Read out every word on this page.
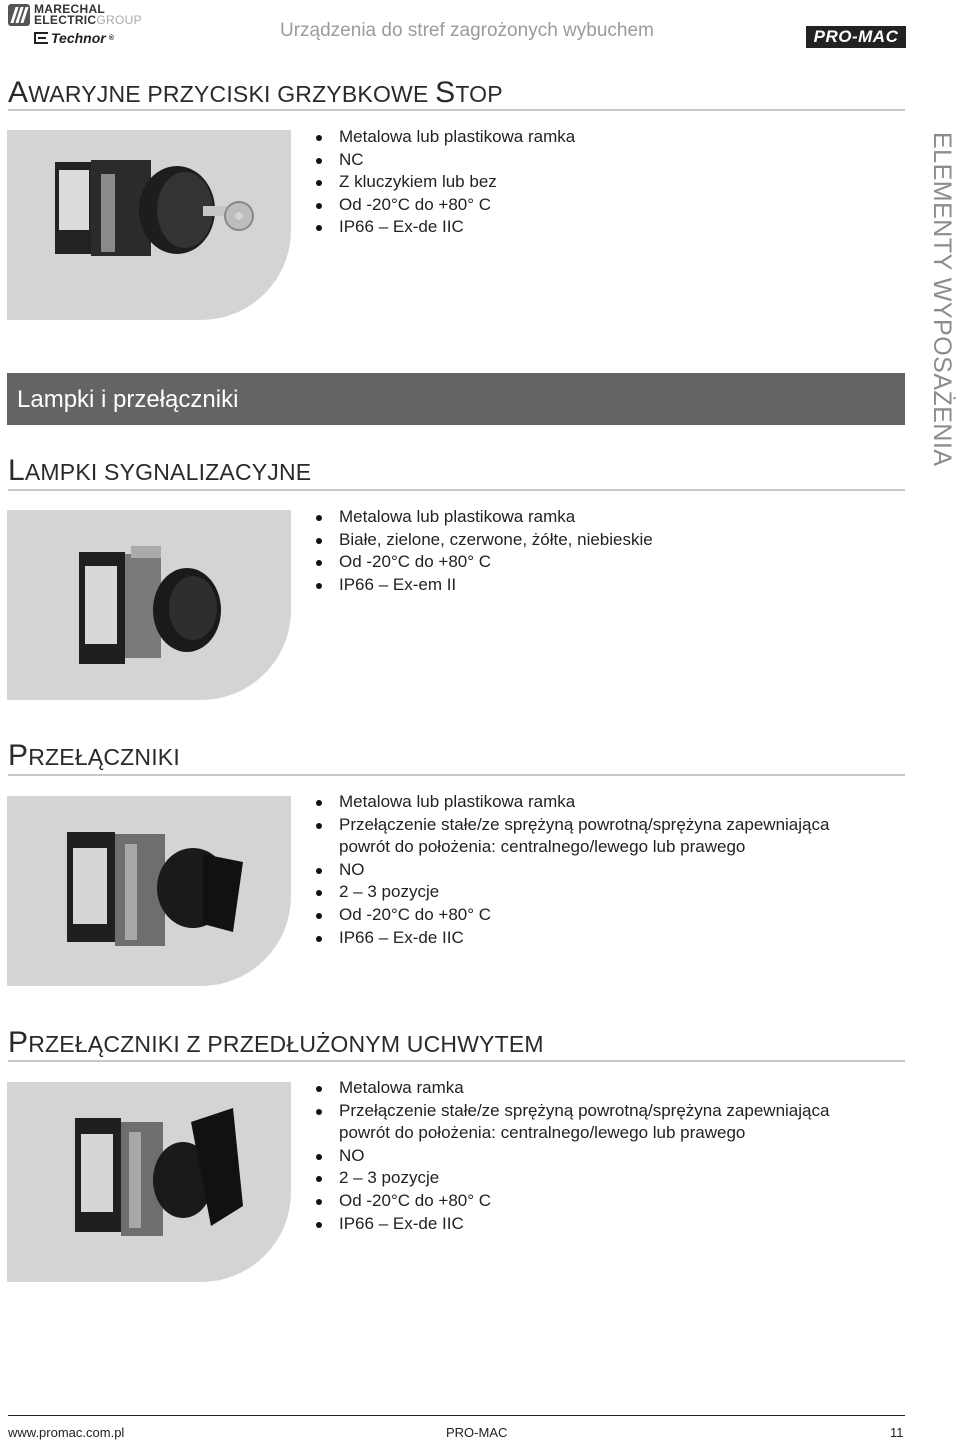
MARECHAL
ELECTRICGROUP
Technor ®	Urządzenia do stref zagrożonych wybuchem	PRO-MAC
ELEMENTY WYPOSAŻENIA
AWARYJNE PRZYCISKI GRZYBKOWE STOP
Metalowa lub plastikowa ramka
NC
Z kluczykiem lub bez
Od -20°C do +80° C
IP66 – Ex-de IIC
Lampki i przełączniki
LAMPKI SYGNALIZACYJNE
Metalowa lub plastikowa ramka
Białe, zielone, czerwone, żółte, niebieskie
Od -20°C do +80° C
IP66 – Ex-em II
PRZEŁĄCZNIKI
Metalowa lub plastikowa ramka
Przełączenie stałe/ze sprężyną powrotną/sprężyna zapewniająca
powrót do położenia: centralnego/lewego lub prawego
NO
2 – 3 pozycje
Od -20°C do +80° C
IP66 – Ex-de IIC
PRZEŁĄCZNIKI Z PRZEDŁUŻONYM UCHWYTEM
Metalowa ramka
Przełączenie stałe/ze sprężyną powrotną/sprężyna zapewniająca
powrót do położenia: centralnego/lewego lub prawego
NO
2 – 3 pozycje
Od -20°C do +80° C
IP66 – Ex-de IIC
www.promac.com.pl	PRO-MAC	11
